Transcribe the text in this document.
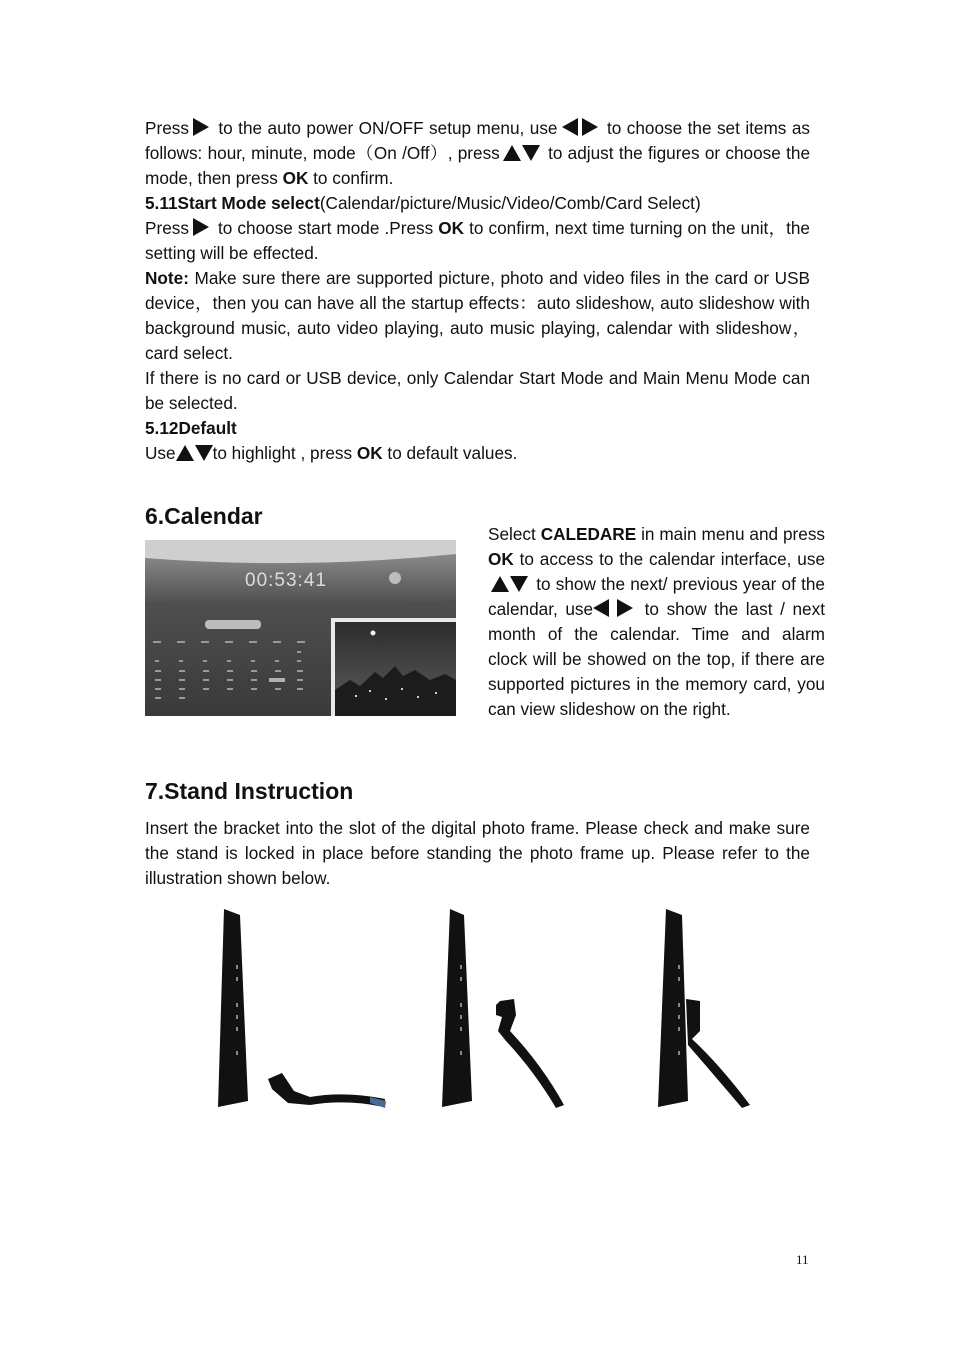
Press to the auto power ON/OFF setup menu, use	to choose the set items as follows: hour, minute, mode（On /Off）, press	to adjust the figures or choose the mode, then press OK to confirm.

5.11Start Mode select(Calendar/picture/Music/Video/Comb/Card Select)

Press to choose start mode .Press OK to confirm, next time turning on the unit，the setting will be effected.

Note: Make sure there are supported picture, photo and video files in the card or USB device，then you can have all the startup effects：auto slideshow, auto slideshow with background music, auto video playing, auto music playing, calendar with slideshow，card select.

If there is no card or USB device, only Calendar Start Mode and Main Menu Mode can be selected.

5.12Default

Use to highlight , press OK to default values.

6.Calendar
00:53:41

Select CALEDARE in main menu and press OK to access to the calendar interface, use to show the next/ previous year of the calendar, use	to show the last / next month of the calendar. Time and alarm clock will be showed on the top, if there are supported pictures in the memory card, you can view slideshow on the right.

7.Stand Instruction

Insert the bracket into the slot of the digital photo frame. Please check and make sure the stand is locked in place before standing the photo frame up. Please refer to the illustration shown below.

11
